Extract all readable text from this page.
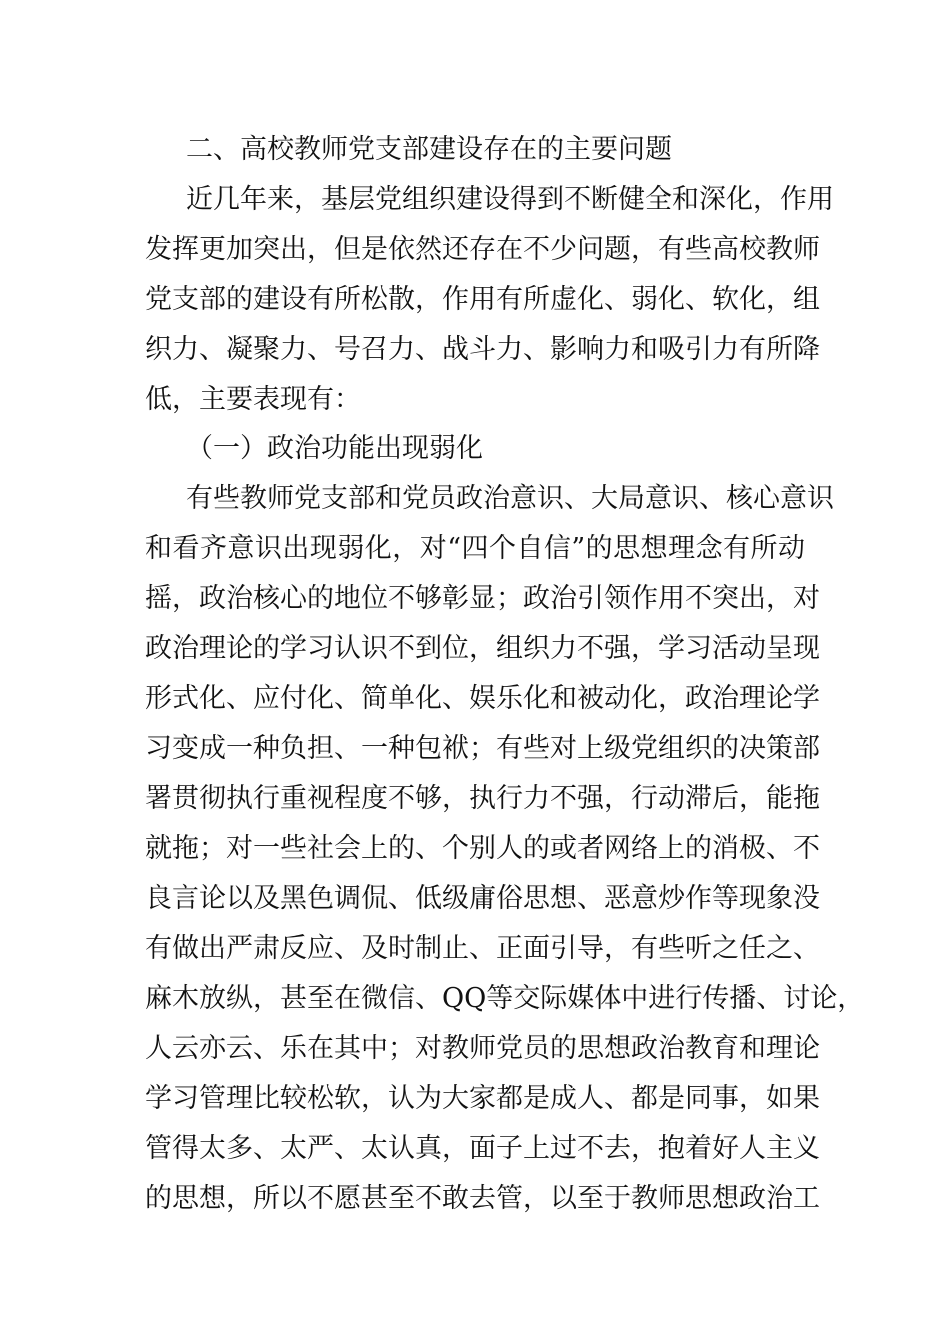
二、高校教师党支部建设存在的主要问题
近几年来，基层党组织建设得到不断健全和深化，作用
发挥更加突出，但是依然还存在不少问题，有些高校教师
党支部的建设有所松散，作用有所虚化、弱化、软化，组
织力、凝聚力、号召力、战斗力、影响力和吸引力有所降
低，主要表现有：
（一）政治功能出现弱化
有些教师党支部和党员政治意识、大局意识、核心意识
和看齐意识出现弱化，对“四个自信”的思想理念有所动
摇，政治核心的地位不够彰显；政治引领作用不突出，对
政治理论的学习认识不到位，组织力不强，学习活动呈现
形式化、应付化、简单化、娱乐化和被动化，政治理论学
习变成一种负担、一种包袱；有些对上级党组织的决策部
署贯彻执行重视程度不够，执行力不强，行动滞后，能拖
就拖；对一些社会上的、个别人的或者网络上的消极、不
良言论以及黑色调侃、低级庸俗思想、恶意炒作等现象没
有做出严肃反应、及时制止、正面引导，有些听之任之、
麻木放纵，甚至在微信、QQ等交际媒体中进行传播、讨论，
人云亦云、乐在其中；对教师党员的思想政治教育和理论
学习管理比较松软，认为大家都是成人、都是同事，如果
管得太多、太严、太认真，面子上过不去，抱着好人主义
的思想，所以不愿甚至不敢去管，以至于教师思想政治工
